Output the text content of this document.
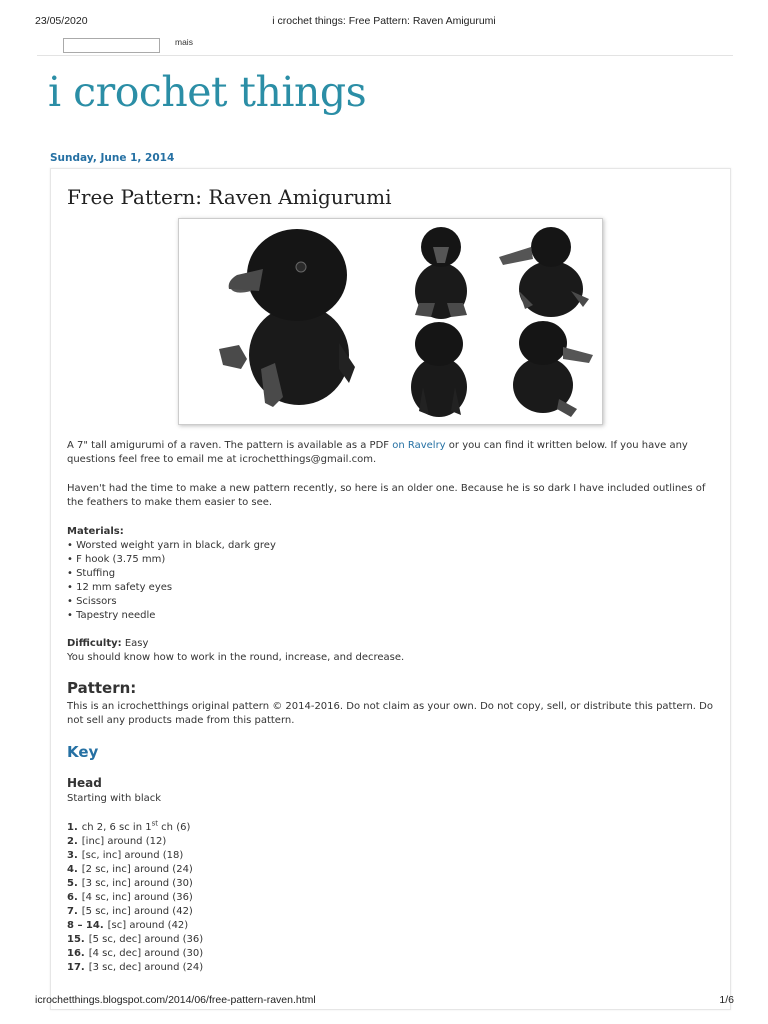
23/05/2020	i crochet things: Free Pattern: Raven Amigurumi
mais
i crochet things
Sunday, June 1, 2014
Free Pattern: Raven Amigurumi
A 7" tall amigurumi of a raven. The pattern is available as a PDF on Ravelry or you can find it written below. If you have any questions feel free to email me at icrochetthings@gmail.com.
Haven't had the time to make a new pattern recently, so here is an older one. Because he is so dark I have included outlines of the feathers to make them easier to see.
Materials:
• Worsted weight yarn in black, dark grey
• F hook (3.75 mm)
• Stuffing
• 12 mm safety eyes
• Scissors
• Tapestry needle
Difficulty: Easy
You should know how to work in the round, increase, and decrease.
Pattern:
This is an icrochetthings original pattern © 2014-2016. Do not claim as your own. Do not copy, sell, or distribute this pattern. Do not sell any products made from this pattern.
Key
Head
Starting with black
1. ch 2, 6 sc in 1st ch (6)
2. [inc] around (12)
3. [sc, inc] around (18)
4. [2 sc, inc] around (24)
5. [3 sc, inc] around (30)
6. [4 sc, inc] around (36)
7. [5 sc, inc] around (42)
8 – 14. [sc] around (42)
15. [5 sc, dec] around (36)
16. [4 sc, dec] around (30)
17. [3 sc, dec] around (24)
icrochetthings.blogspot.com/2014/06/free-pattern-raven.html	1/6
